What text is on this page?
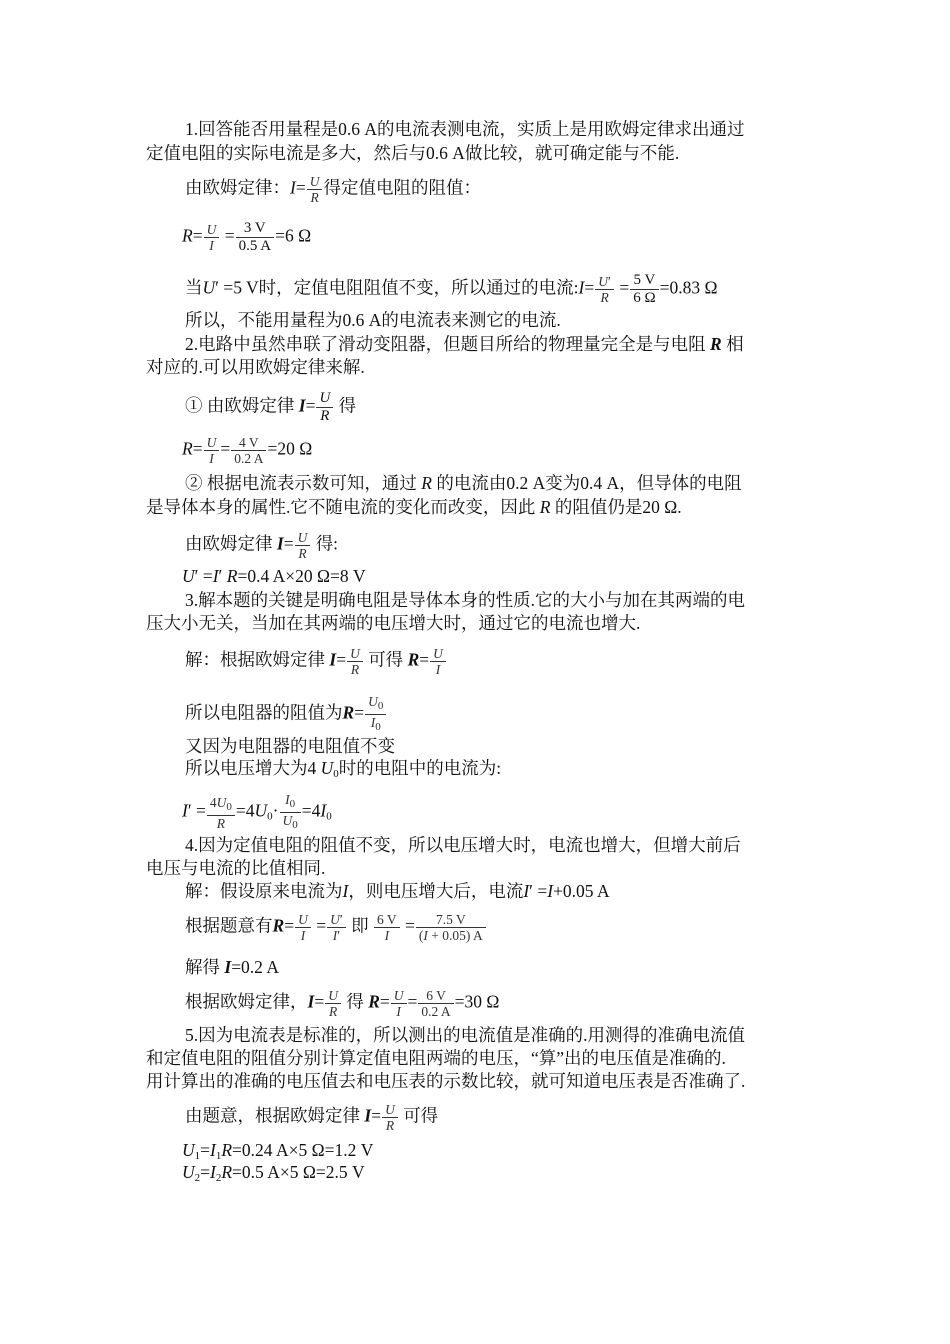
1.回答能否用量程是0.6 A的电流表测电流，实质上是用欧姆定律求出通过
定值电阻的实际电流是多大，然后与0.6 A做比较，就可确定能与不能.
由欧姆定律：$I= \frac{U}{R}$ 得定值电阻的阻值：
$R= \frac{U}{I} = \frac{3 V}{0.5 A} =6$ Ω
当U′ =5 V时，定值电阻阻值不变，所以通过的电流:I= $\frac{U'}{R} = \frac{5 V}{6 \Omega} =0.83$ Ω
所以，不能用量程为0.6 A的电流表来测它的电流.
2.电路中虽然串联了滑动变阻器，但题目所给的物理量完全是与电阻 R 相
对应的.可以用欧姆定律来解.
① 由欧姆定律 $I= \frac{U}{R}$ 得
$R= \frac{U}{I} = \frac{4 V}{0.2 A} =20$ Ω
② 根据电流表示数可知，通过 R 的电流由0.2 A变为0.4 A，但导体的电阻
是导体本身的属性.它不随电流的变化而改变，因此 R 的阻值仍是20 Ω.
由欧姆定律 $I= \frac{U}{R}$ 得:
U′ =I′ R=0.4 A×20 Ω=8 V
3.解本题的关键是明确电阻是导体本身的性质.它的大小与加在其两端的电
压大小无关，当加在其两端的电压增大时，通过它的电流也增大.
解：根据欧姆定律 $I= \frac{U}{R}$ 可得 $R= \frac{U}{I}$
所以电阻器的阻值为$R= \frac{U_0}{I_0}$
又因为电阻器的电阻值不变
所以电压增大为4 $U_0$时的电阻中的电流为:
$I' = \frac{4U_0}{R} =4U_0\cdot \frac{I_0}{U_0} =4I_0$
4.因为定值电阻的阻值不变，所以电压增大时，电流也增大，但增大前后
电压与电流的比值相同.
解：假设原来电流为I，则电压增大后，电流I′ =I+0.05 A
根据题意有$R= \frac{U}{I} = \frac{U'}{I'}$ 即 $\frac{6 V}{I} = \frac{7.5 V}{(I + 0.05) A}$
解得 I=0.2 A
根据欧姆定律，$I= \frac{U}{R}$ 得 $R= \frac{U}{I} = \frac{6 V}{0.2 A} =30$ Ω
5.因为电流表是标准的，所以测出的电流值是准确的.用测得的准确电流值
和定值电阻的阻值分别计算定值电阻两端的电压，“算”出的电压值是准确的.
用计算出的准确的电压值去和电压表的示数比较，就可知道电压表是否准确了.
由题意，根据欧姆定律 $I= \frac{U}{R}$ 可得
$U_1=I_1R=0.24$ A×5 Ω=1.2 V
$U_2=I_2R=0.5$ A×5 Ω=2.5 V
